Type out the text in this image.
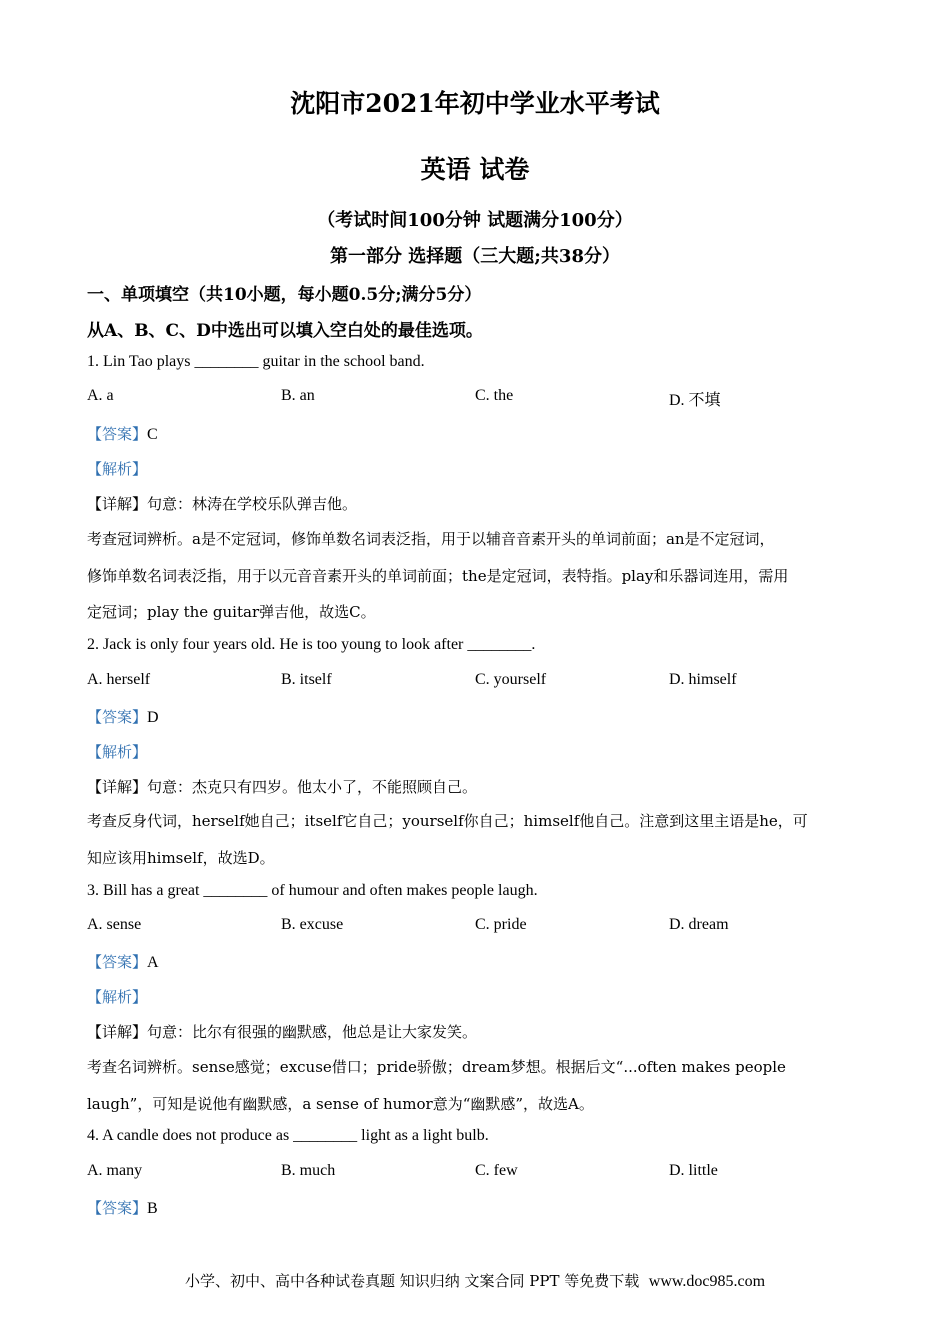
沈阳市2021年初中学业水平考试
英语 试卷
（考试时间100分钟 试题满分100分）
第一部分 选择题（三大题;共38分）
一、单项填空（共10小题，每小题0.5分;满分5分）
从A、B、C、D中选出可以填入空白处的最佳选项。
1. Lin Tao plays ________ guitar in the school band.
A. a	B. an	C. the	D. 不填
【答案】C
【解析】
【详解】句意：林涛在学校乐队弹吉他。
考查冠词辨析。a是不定冠词，修饰单数名词表泛指，用于以辅音音素开头的单词前面；an是不定冠词，
修饰单数名词表泛指，用于以元音音素开头的单词前面；the是定冠词，表特指。play和乐器词连用，需用
定冠词；play the guitar弹吉他，故选C。
2. Jack is only four years old. He is too young to look after ________.
A. herself	B. itself	C. yourself	D. himself
【答案】D
【解析】
【详解】句意：杰克只有四岁。他太小了，不能照顾自己。
考查反身代词，herself她自己；itself它自己；yourself你自己；himself他自己。注意到这里主语是he，可
知应该用himself，故选D。
3. Bill has a great ________ of humour and often makes people laugh.
A. sense	B. excuse	C. pride	D. dream
【答案】A
【解析】
【详解】句意：比尔有很强的幽默感，他总是让大家发笑。
考查名词辨析。sense感觉；excuse借口；pride骄傲；dream梦想。根据后文“...often makes people
laugh”，可知是说他有幽默感，a sense of humor意为“幽默感”，故选A。
4. A candle does not produce as ________ light as a light bulb.
A. many	B. much	C. few	D. little
【答案】B
小学、初中、高中各种试卷真题 知识归纳 文案合同 PPT 等免费下载 www.doc985.com
